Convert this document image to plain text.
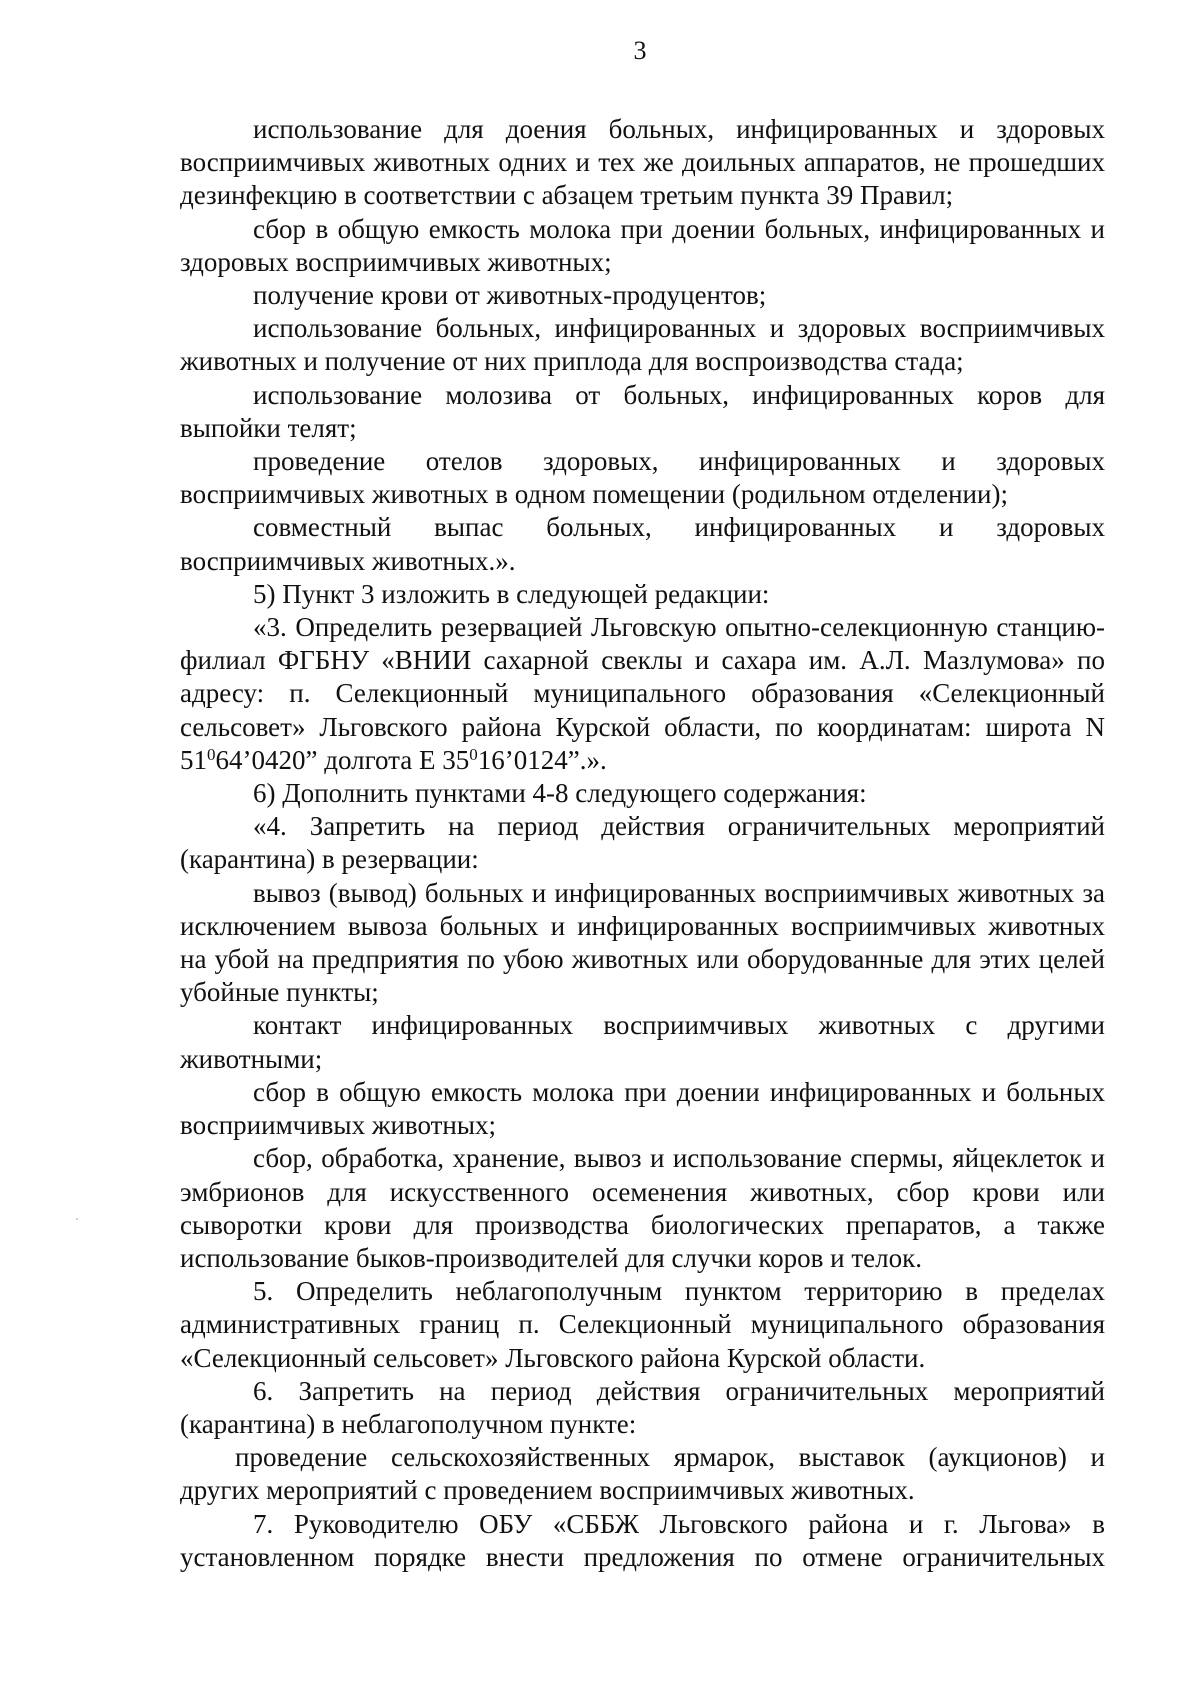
3

использование для доения больных, инфицированных и здоровых восприимчивых животных одних и тех же доильных аппаратов, не прошедших дезинфекцию в соответствии с абзацем третьим пункта 39 Правил;

сбор в общую емкость молока при доении больных, инфицированных и здоровых восприимчивых животных;

получение крови от животных-продуцентов;

использование больных, инфицированных и здоровых восприимчивых животных и получение от них приплода для воспроизводства стада;

использование молозива от больных, инфицированных коров для выпойки телят;

проведение отелов здоровых, инфицированных и здоровых восприимчивых животных в одном помещении (родильном отделении);

совместный выпас больных, инфицированных и здоровых восприимчивых животных.».

5) Пункт 3 изложить в следующей редакции:

«3. Определить резервацией Льговскую опытно-селекционную станцию-филиал ФГБНУ «ВНИИ сахарной свеклы и сахара им. А.Л. Мазлумова» по адресу: п. Селекционный муниципального образования «Селекционный сельсовет» Льговского района Курской области, по координатам: широта N $51^064’0420$” долгота E $35^016’0124$”.».

6) Дополнить пунктами 4-8 следующего содержания:

«4. Запретить на период действия ограничительных мероприятий (карантина) в резервации:

вывоз (вывод) больных и инфицированных восприимчивых животных за исключением вывоза больных и инфицированных восприимчивых животных на убой на предприятия по убою животных или оборудованные для этих целей убойные пункты;

контакт инфицированных восприимчивых животных с другими животными;

сбор в общую емкость молока при доении инфицированных и больных восприимчивых животных;

сбор, обработка, хранение, вывоз и использование спермы, яйцеклеток и эмбрионов для искусственного осеменения животных, сбор крови или сыворотки крови для производства биологических препаратов, а также использование быков-производителей для случки коров и телок.

5. Определить неблагополучным пунктом территорию в пределах административных границ п. Селекционный муниципального образования «Селекционный сельсовет» Льговского района Курской области.

6. Запретить на период действия ограничительных мероприятий (карантина) в неблагополучном пункте:

проведение сельскохозяйственных ярмарок, выставок (аукционов) и других мероприятий с проведением восприимчивых животных.

7. Руководителю ОБУ «СББЖ Льговского района и г. Льгова» в установленном порядке внести предложения по отмене ограничительных
